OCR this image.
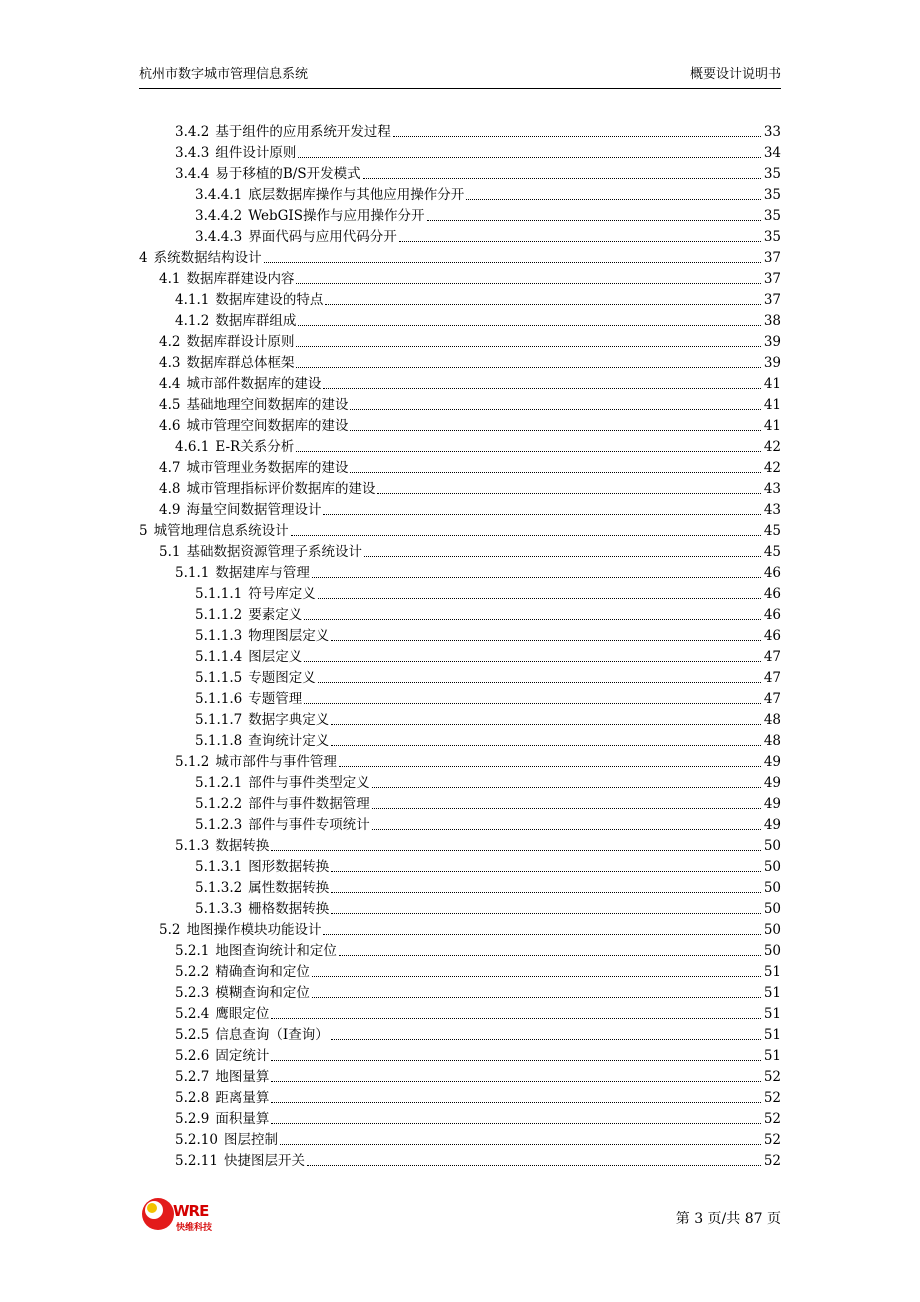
杭州市数字城市管理信息系统	概要设计说明书
3.4.2 基于组件的应用系统开发过程	33
3.4.3 组件设计原则	34
3.4.4 易于移植的B/S开发模式	35
3.4.4.1 底层数据库操作与其他应用操作分开	35
3.4.4.2 WebGIS操作与应用操作分开	35
3.4.4.3 界面代码与应用代码分开	35
4 系统数据结构设计	37
4.1 数据库群建设内容	37
4.1.1 数据库建设的特点	37
4.1.2 数据库群组成	38
4.2 数据库群设计原则	39
4.3 数据库群总体框架	39
4.4 城市部件数据库的建设	41
4.5 基础地理空间数据库的建设	41
4.6 城市管理空间数据库的建设	41
4.6.1 E-R关系分析	42
4.7 城市管理业务数据库的建设	42
4.8 城市管理指标评价数据库的建设	43
4.9 海量空间数据管理设计	43
5 城管地理信息系统设计	45
5.1 基础数据资源管理子系统设计	45
5.1.1 数据建库与管理	46
5.1.1.1 符号库定义	46
5.1.1.2 要素定义	46
5.1.1.3 物理图层定义	46
5.1.1.4 图层定义	47
5.1.1.5 专题图定义	47
5.1.1.6 专题管理	47
5.1.1.7 数据字典定义	48
5.1.1.8 查询统计定义	48
5.1.2 城市部件与事件管理	49
5.1.2.1 部件与事件类型定义	49
5.1.2.2 部件与事件数据管理	49
5.1.2.3 部件与事件专项统计	49
5.1.3 数据转换	50
5.1.3.1 图形数据转换	50
5.1.3.2 属性数据转换	50
5.1.3.3 栅格数据转换	50
5.2 地图操作模块功能设计	50
5.2.1 地图查询统计和定位	50
5.2.2 精确查询和定位	51
5.2.3 模糊查询和定位	51
5.2.4 鹰眼定位	51
5.2.5 信息查询（I查询）	51
5.2.6 固定统计	51
5.2.7 地图量算	52
5.2.8 距离量算	52
5.2.9 面积量算	52
5.2.10 图层控制	52
5.2.11 快捷图层开关	52
WRE
快维科技
第 3 页/共 87 页
